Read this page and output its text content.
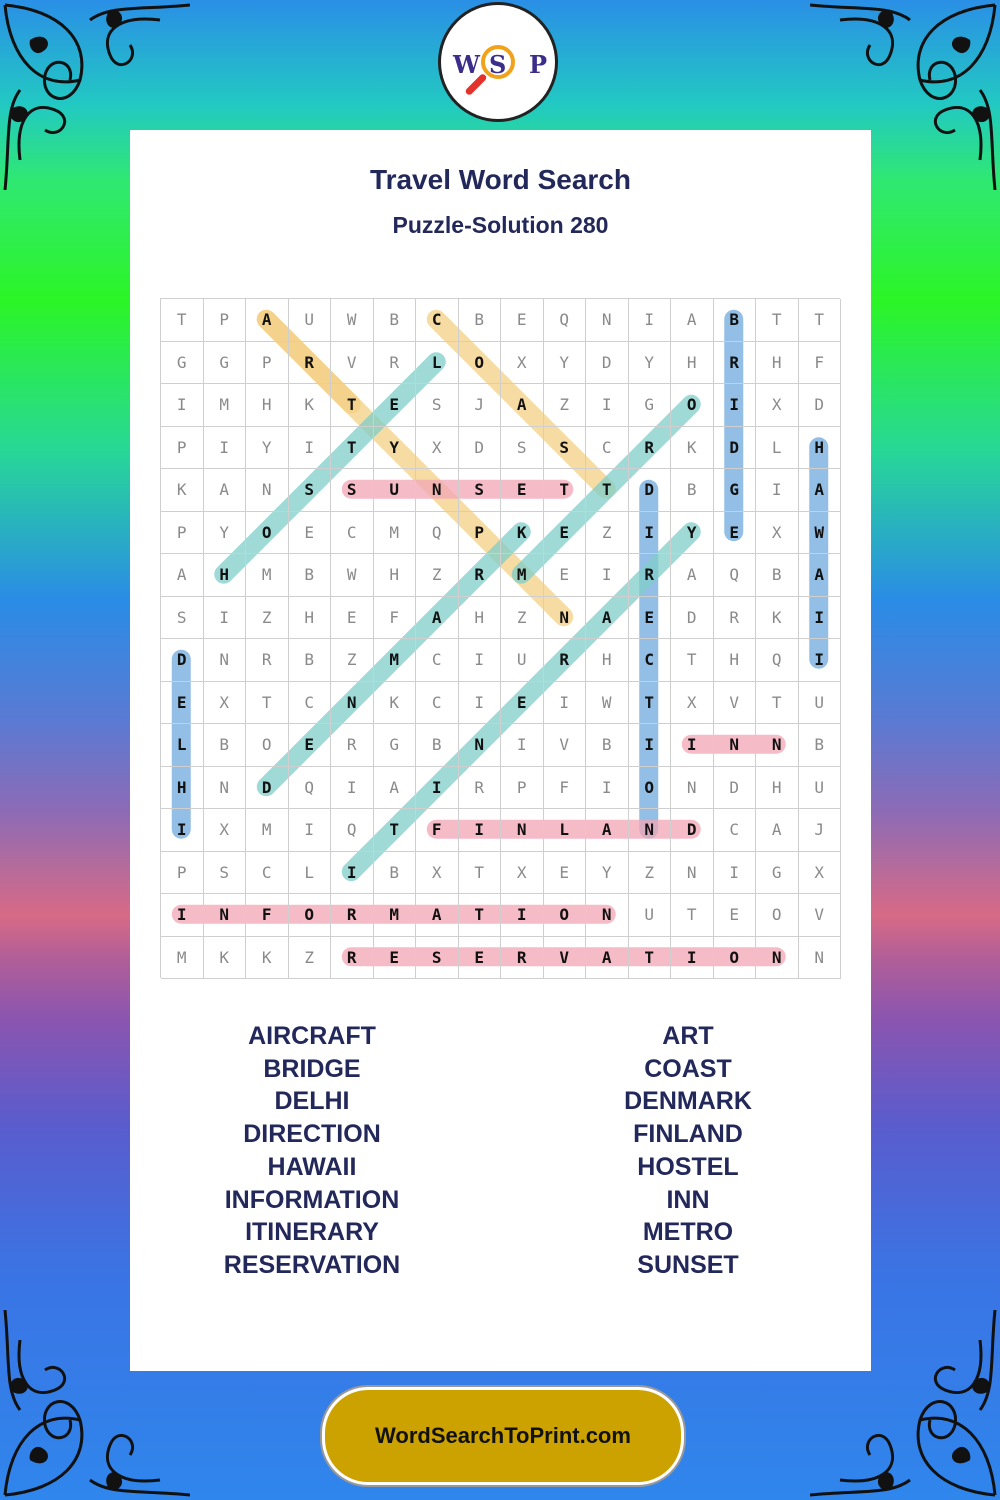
W S P
Travel Word Search
Puzzle-Solution 280
T	P	A	U	W	B	C	B	E	Q	N	I	A	B	T	T
G	G	P	R	V	R	L	O	X	Y	D	Y	H	R	H	F
I	M	H	K	T	E	S	J	A	Z	I	G	O	I	X	D
P	I	Y	I	T	Y	X	D	S	S	C	R	K	D	L	H
K	A	N	S	S	U	N	S	E	T	T	D	B	G	I	A
P	Y	O	E	C	M	Q	P	K	E	Z	I	Y	E	X	W
A	H	M	B	W	H	Z	R	M	E	I	R	A	Q	B	A
S	I	Z	H	E	F	A	H	Z	N	A	E	D	R	K	I
D	N	R	B	Z	M	C	I	U	R	H	C	T	H	Q	I
E	X	T	C	N	K	C	I	E	I	W	T	X	V	T	U
L	B	O	E	R	G	B	N	I	V	B	I	I	N	N	B
H	N	D	Q	I	A	I	R	P	F	I	O	N	D	H	U
I	X	M	I	Q	T	F	I	N	L	A	N	D	C	A	J
P	S	C	L	I	B	X	T	X	E	Y	Z	N	I	G	X
I	N	F	O	R	M	A	T	I	O	N	U	T	E	O	V
M	K	K	Z	R	E	S	E	R	V	A	T	I	O	N	N
AIRCRAFT
BRIDGE
DELHI
DIRECTION
HAWAII
INFORMATION
ITINERARY
RESERVATION
ART
COAST
DENMARK
FINLAND
HOSTEL
INN
METRO
SUNSET
WordSearchToPrint.com
